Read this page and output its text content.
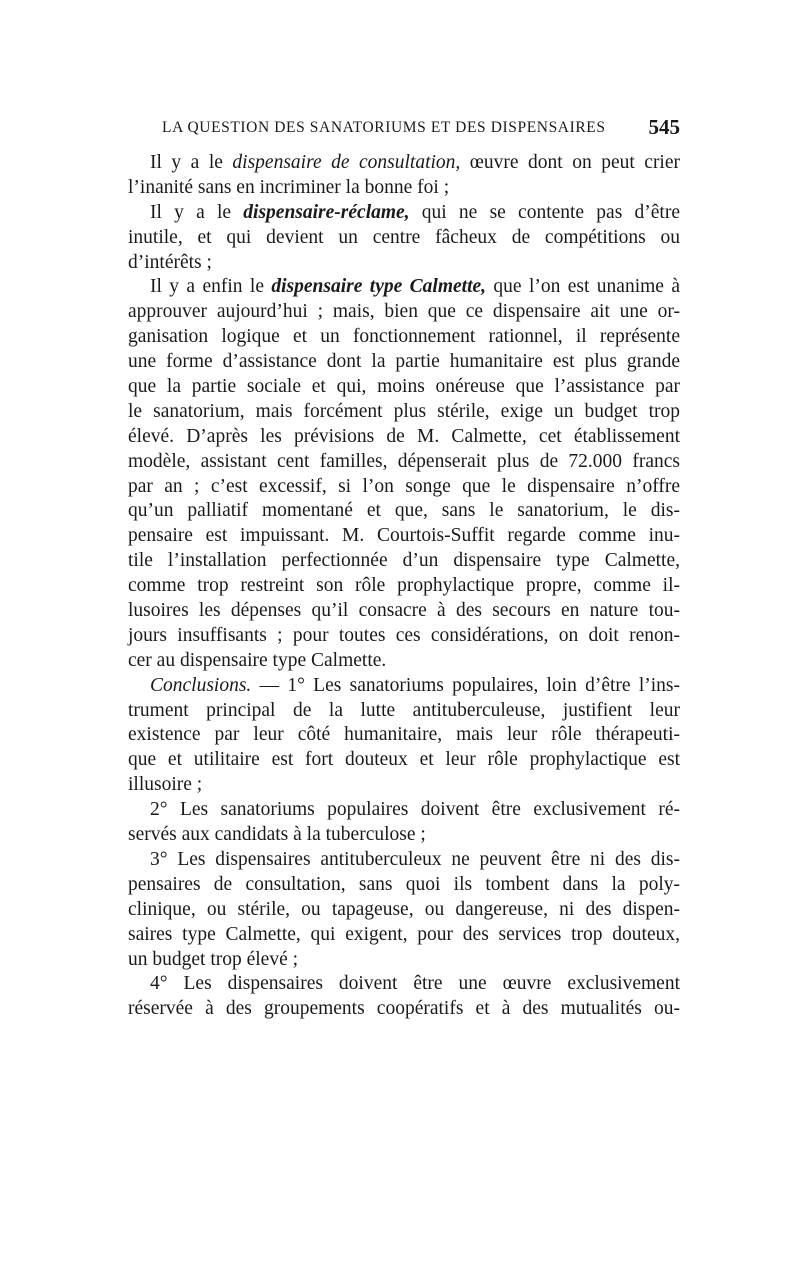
LA QUESTION DES SANATORIUMS ET DES DISPENSAIRES 545
Il y a le dispensaire de consultation, œuvre dont on peut crier
l’inanité sans en incriminer la bonne foi ;
Il y a le dispensaire-réclame, qui ne se contente pas d’être
inutile, et qui devient un centre fâcheux de compétitions ou
d’intérêts ;
Il y a enfin le dispensaire type Calmette, que l’on est unanime à
approuver aujourd’hui ; mais, bien que ce dispensaire ait une or-
ganisation logique et un fonctionnement rationnel, il représente
une forme d’assistance dont la partie humanitaire est plus grande
que la partie sociale et qui, moins onéreuse que l’assistance par
le sanatorium, mais forcément plus stérile, exige un budget trop
élevé. D’après les prévisions de M. Calmette, cet établissement
modèle, assistant cent familles, dépenserait plus de 72.000 francs
par an ; c’est excessif, si l’on songe que le dispensaire n’offre
qu’un palliatif momentané et que, sans le sanatorium, le dis-
pensaire est impuissant. M. Courtois-Suffit regarde comme inu-
tile l’installation perfectionnée d’un dispensaire type Calmette,
comme trop restreint son rôle prophylactique propre, comme il-
lusoires les dépenses qu’il consacre à des secours en nature tou-
jours insuffisants ; pour toutes ces considérations, on doit renon-
cer au dispensaire type Calmette.
Conclusions. — 1° Les sanatoriums populaires, loin d’être l’ins-
trument principal de la lutte antituberculeuse, justifient leur
existence par leur côté humanitaire, mais leur rôle thérapeuti-
que et utilitaire est fort douteux et leur rôle prophylactique est
illusoire ;
2° Les sanatoriums populaires doivent être exclusivement ré-
servés aux candidats à la tuberculose ;
3° Les dispensaires antituberculeux ne peuvent être ni des dis-
pensaires de consultation, sans quoi ils tombent dans la poly-
clinique, ou stérile, ou tapageuse, ou dangereuse, ni des dispen-
saires type Calmette, qui exigent, pour des services trop douteux,
un budget trop élevé ;
4° Les dispensaires doivent être une œuvre exclusivement
réservée à des groupements coopératifs et à des mutualités ou-
